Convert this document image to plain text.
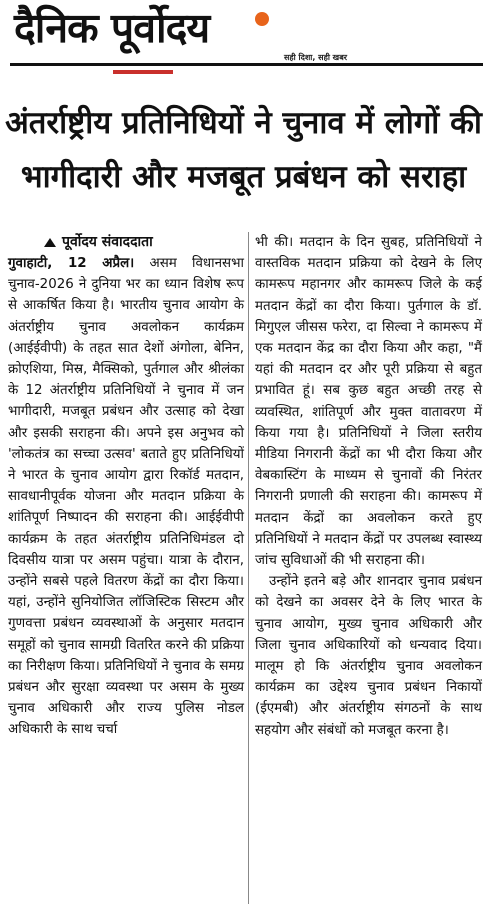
दैनिक पूर्वोदय
सही दिशा, सही खबर
अंतर्राष्ट्रीय प्रतिनिधियों ने चुनाव में लोगों की
भागीदारी और मजबूत प्रबंधन को सराहा
पूर्वोदय संवाददाता

गुवाहाटी, 12 अप्रैल। असम विधानसभा चुनाव-2026 ने दुनिया भर का ध्यान विशेष रूप से आकर्षित किया है। भारतीय चुनाव आयोग के अंतर्राष्ट्रीय चुनाव अवलोकन कार्यक्रम (आईईवीपी) के तहत सात देशों अंगोला, बेनिन, क्रोएशिया, मिस्र, मैक्सिको, पुर्तगाल और श्रीलंका के 12 अंतर्राष्ट्रीय प्रतिनिधियों ने चुनाव में जन भागीदारी, मजबूत प्रबंधन और उत्साह को देखा और इसकी सराहना की। अपने इस अनुभव को 'लोकतंत्र का सच्चा उत्सव' बताते हुए प्रतिनिधियों ने भारत के चुनाव आयोग द्वारा रिकॉर्ड मतदान, सावधानीपूर्वक योजना और मतदान प्रक्रिया के शांतिपूर्ण निष्पादन की सराहना की। आईईवीपी कार्यक्रम के तहत अंतर्राष्ट्रीय प्रतिनिधिमंडल दो दिवसीय यात्रा पर असम पहुंचा। यात्रा के दौरान, उन्होंने सबसे पहले वितरण केंद्रों का दौरा किया। यहां, उन्होंने सुनियोजित लॉजिस्टिक सिस्टम और गुणवत्ता प्रबंधन व्यवस्थाओं के अनुसार मतदान समूहों को चुनाव सामग्री वितरित करने की प्रक्रिया का निरीक्षण किया। प्रतिनिधियों ने चुनाव के समग्र प्रबंधन और सुरक्षा व्यवस्था पर असम के मुख्य चुनाव अधिकारी और राज्य पुलिस नोडल अधिकारी के साथ चर्चा

भी की। मतदान के दिन सुबह, प्रतिनिधियों ने वास्तविक मतदान प्रक्रिया को देखने के लिए कामरूप महानगर और कामरूप जिले के कई मतदान केंद्रों का दौरा किया। पुर्तगाल के डॉ. मिगुएल जीसस फरेरा, दा सिल्वा ने कामरूप में एक मतदान केंद्र का दौरा किया और कहा, "मैं यहां की मतदान दर और पूरी प्रक्रिया से बहुत प्रभावित हूं। सब कुछ बहुत अच्छी तरह से व्यवस्थित, शांतिपूर्ण और मुक्त वातावरण में किया गया है। प्रतिनिधियों ने जिला स्तरीय मीडिया निगरानी केंद्रों का भी दौरा किया और वेबकास्टिंग के माध्यम से चुनावों की निरंतर निगरानी प्रणाली की सराहना की। कामरूप में मतदान केंद्रों का अवलोकन करते हुए प्रतिनिधियों ने मतदान केंद्रों पर उपलब्ध स्वास्थ्य जांच सुविधाओं की भी सराहना की।

उन्होंने इतने बड़े और शानदार चुनाव प्रबंधन को देखने का अवसर देने के लिए भारत के चुनाव आयोग, मुख्य चुनाव अधिकारी और जिला चुनाव अधिकारियों को धन्यवाद दिया। मालूम हो कि अंतर्राष्ट्रीय चुनाव अवलोकन कार्यक्रम का उद्देश्य चुनाव प्रबंधन निकायों (ईएमबी) और अंतर्राष्ट्रीय संगठनों के साथ सहयोग और संबंधों को मजबूत करना है।
